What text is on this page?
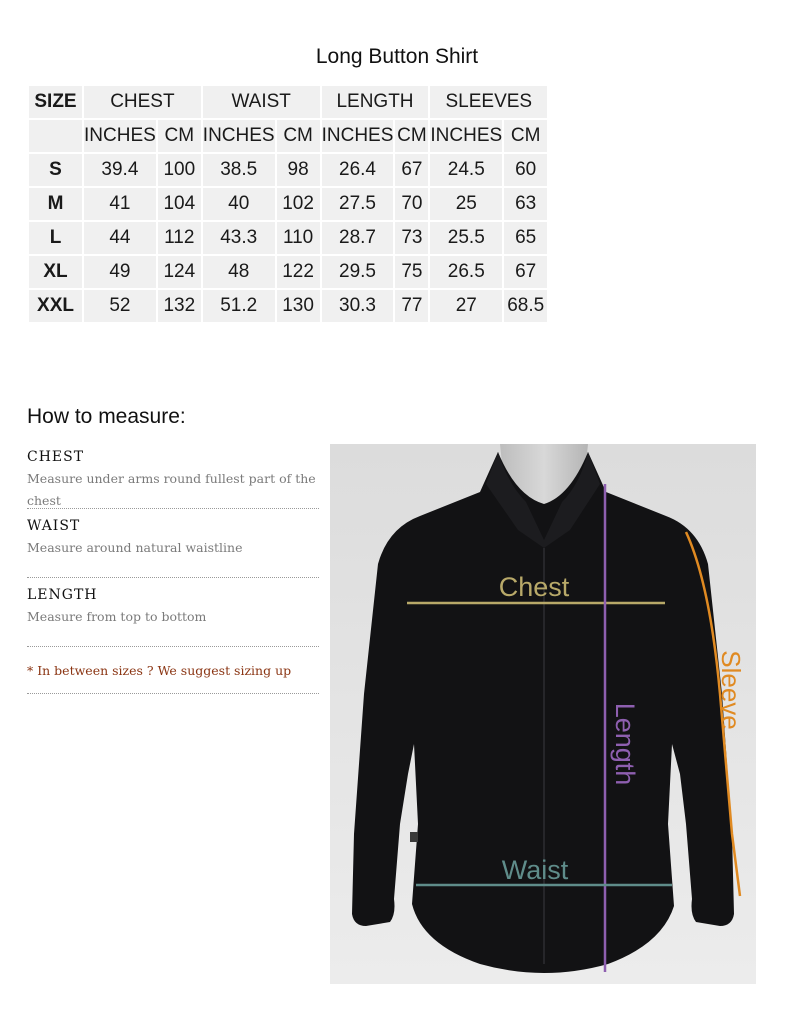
Long Button Shirt
SIZE	CHEST		WAIST		LENGTH		SLEEVES	
	INCHES	CM	INCHES	CM	INCHES	CM	INCHES	CM
S	39.4	100	38.5	98	26.4	67	24.5	60
M	41	104	40	102	27.5	70	25	63
L	44	112	43.3	110	28.7	73	25.5	65
XL	49	124	48	122	29.5	75	26.5	67
XXL	52	132	51.2	130	30.3	77	27	68.5
How to measure:
CHEST
Measure under arms round fullest part of the chest
WAIST
Measure around natural waistline
LENGTH
Measure from top to bottom
* In between sizes ? We suggest sizing up
Chest
Length
Waist
Sleeve
